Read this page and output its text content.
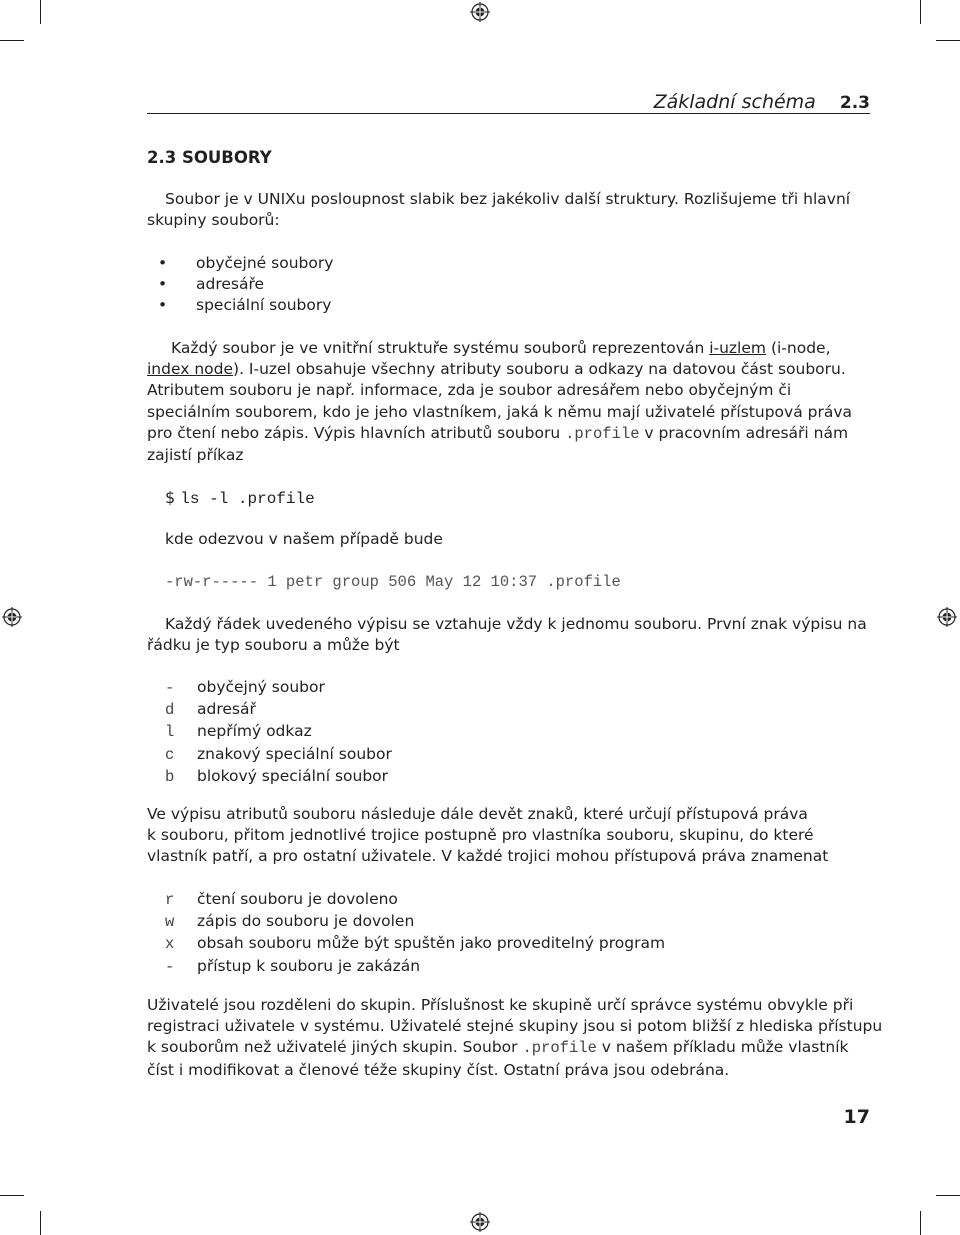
Základní schéma 2.3
2.3 SOUBORY
Soubor je v UNIXu posloupnost slabik bez jakékoliv další struktury. Rozlišujeme tři hlavní
skupiny souborů:
• obyčejné soubory
• adresáře
• speciální soubory
Každý soubor je ve vnitřní struktuře systému souborů reprezentován i-uzlem (i-node,
index node). I-uzel obsahuje všechny atributy souboru a odkazy na datovou část souboru.
Atributem souboru je např. informace, zda je soubor adresářem nebo obyčejným či
speciálním souborem, kdo je jeho vlastníkem, jaká k němu mají uživatelé přístupová práva
pro čtení nebo zápis. Výpis hlavních atributů souboru .profile v pracovním adresáři nám
zajistí příkaz
$ ls -l .profile
kde odezvou v našem případě bude
-rw-r----- 1 petr group 506 May 12 10:37 .profile
Každý řádek uvedeného výpisu se vztahuje vždy k jednomu souboru. První znak výpisu na
řádku je typ souboru a může být
- obyčejný soubor
d adresář
l nepřímý odkaz
c znakový speciální soubor
b blokový speciální soubor
Ve výpisu atributů souboru následuje dále devět znaků, které určují přístupová práva
k souboru, přitom jednotlivé trojice postupně pro vlastníka souboru, skupinu, do které
vlastník patří, a pro ostatní uživatele. V každé trojici mohou přístupová práva znamenat
r čtení souboru je dovoleno
w zápis do souboru je dovolen
x obsah souboru může být spuštěn jako proveditelný program
- přístup k souboru je zakázán
Uživatelé jsou rozděleni do skupin. Příslušnost ke skupině určí správce systému obvykle při
registraci uživatele v systému. Uživatelé stejné skupiny jsou si potom bližší z hlediska přístupu
k souborům než uživatelé jiných skupin. Soubor .profile v našem příkladu může vlastník
číst i modifikovat a členové téže skupiny číst. Ostatní práva jsou odebrána.
17
